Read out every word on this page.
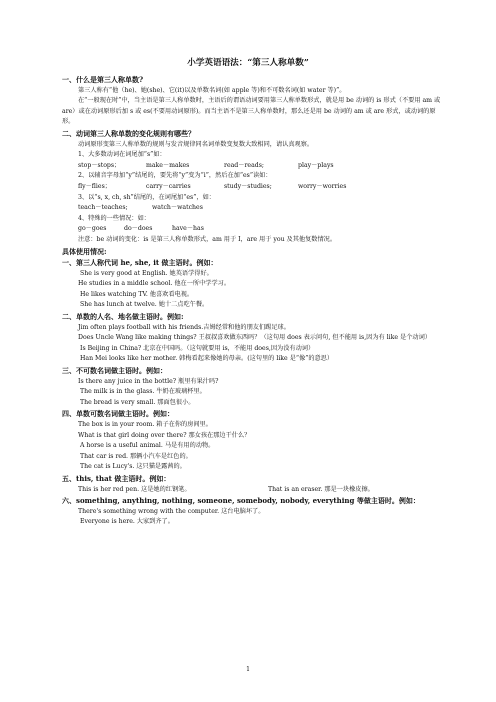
小学英语语法：“第三人称单数”
一、什么是第三人称单数?
第三人称有“他（he)、她(she)、它(it)以及单数名词(如 apple 等)和不可数名词(如 water 等)”。
在“一般现在时”中，当主语是第三人称单数时，主语后的谓语动词要用第三人称单数形式，就是用 be 动词的 is 形式（不要用 am 或 are）或在动词原形后加 s 或 es(不要用动词原形)。而当主语不是第三人称单数时，那么还是用 be 动词的 am 或 are 形式，或动词的原形。
二、动词第三人称单数的变化规则有哪些？
动词原形变第三人称单数的规则与发音规律同名词单数变复数大致相同，请认真观察。
1、大多数动词在词尾加“s”如：
stop－stops；	make－makes	read－reads;	play－plays
2、以辅音字母加“y”结尾的，要先将“y”变为“i”，然后在加“es”读如：
fly－flies；	carry－carries	study－studies;	worry－worries
3、以“s, x, ch, sh”结尾的，在词尾加“es”，如：
teach－teaches;	watch－watches
4、特殊的一些情况：如：
go－goes	do－does	have－has
注意：be 动词的变化：is 是第三人称单数形式，am 用于 I，are 用于 you 及其他复数情况。
具体使用情况:
一、第三人称代词 he, she, it 做主语时。例如：
She is very good at English. 她英语学得好。
He studies in a middle school. 他在一所中学学习。
He likes watching TV. 他喜欢看电视。
She has lunch at twelve. 她十二点吃午餐。
二、单数的人名、地名做主语时。例如:
Jim often plays football with his friends.吉姆经常和他的朋友们踢足球。
Does Uncle Wang like making things? 王叔叔喜欢做东西吗？（这句用 does 表示问句, 但不能用 is,因为有 like 是个动词）
Is Beijing in China? 北京在中国吗。（这句就要用 is，不能用 does,因为没有动词）
Han Mei looks like her mother. 韩梅看起来像她的母亲。(这句里的 like 是“像”的意思）
三、不可数名词做主语时。例如：
Is there any juice in the bottle? 瓶里有果汁吗?
The milk is in the glass. 牛奶在玻璃杯里。
The bread is very small. 那面包很小。
四、单数可数名词做主语时。例如：
The box is in your room. 箱子在你的房间里。
What is that girl doing over there? 那女孩在那边干什么？
A horse is a useful animal. 马是有用的动物。
That car is red. 那辆小汽车是红色的。
The cat is Lucy's. 这只猫是露茜的。
五、this, that 做主语时。例如：
This is her red pen. 这是她的红钢笔。	That is an eraser. 那是一块橡皮擦。
六、something, anything, nothing, someone, somebody, nobody, everything 等做主语时。例如：
There's something wrong with the computer. 这台电脑坏了。
Everyone is here. 大家到齐了。
1
